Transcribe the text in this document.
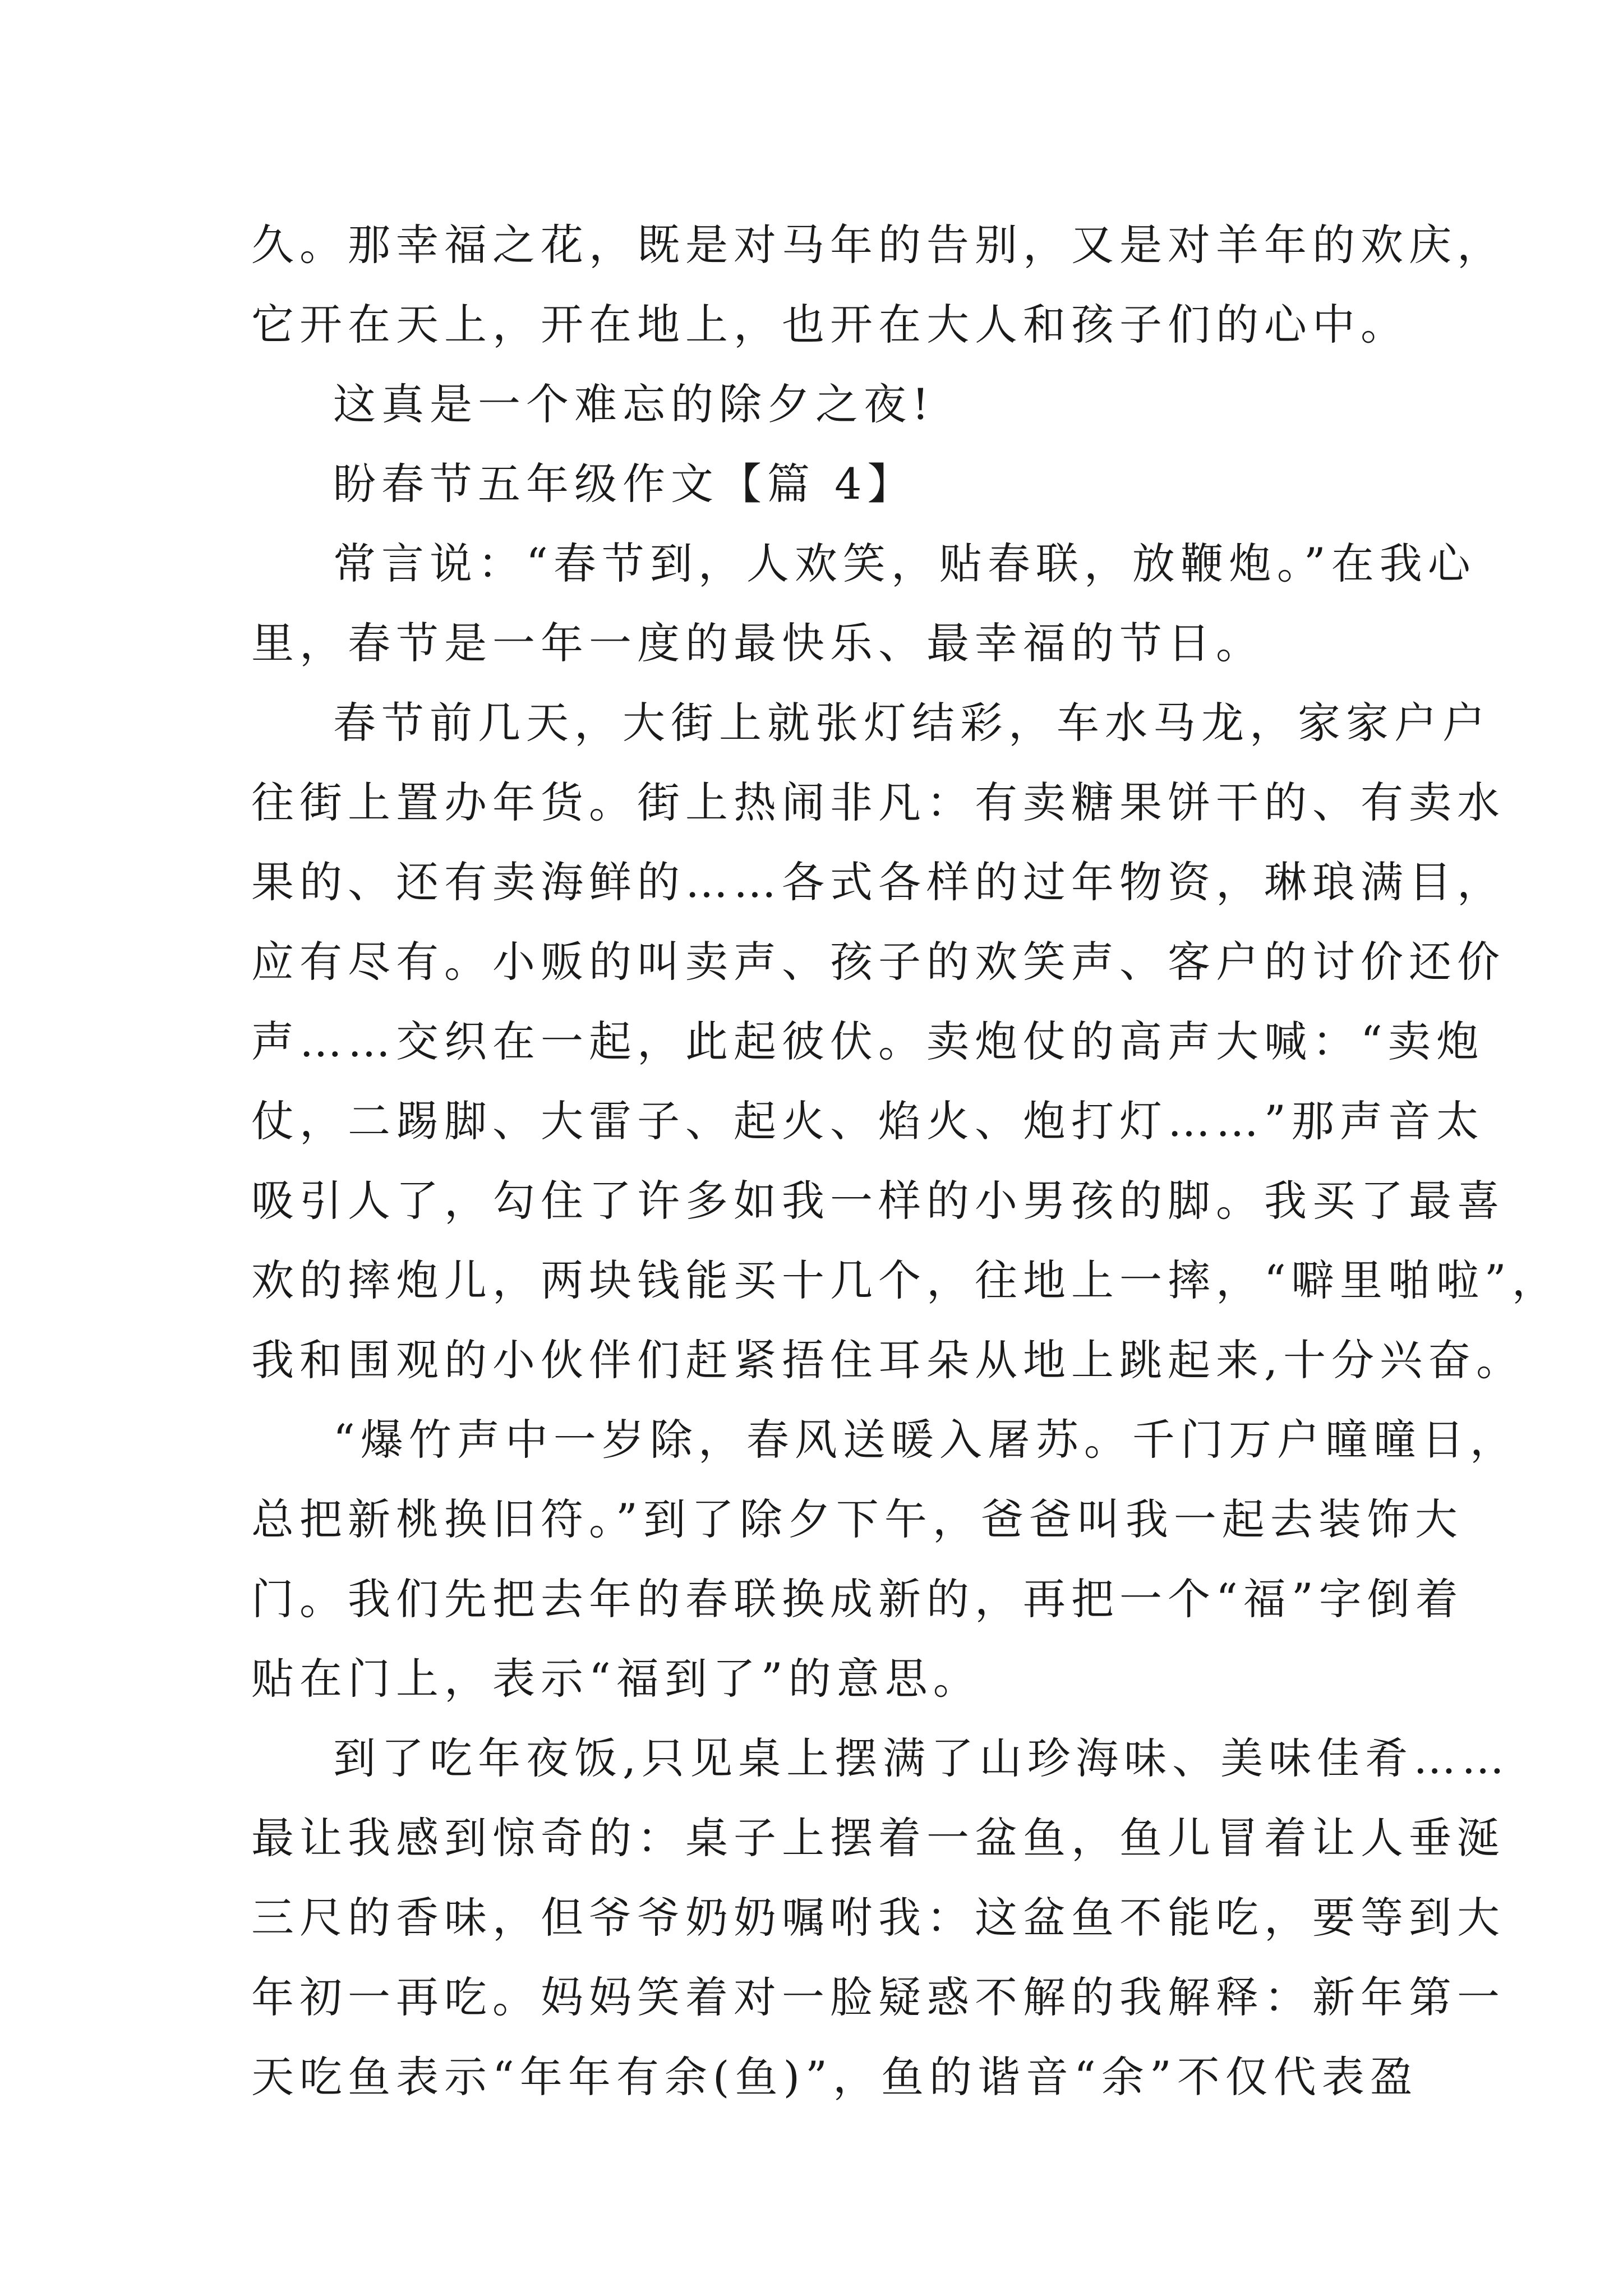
久。那幸福之花，既是对马年的告别，又是对羊年的欢庆，
它开在天上，开在地上，也开在大人和孩子们的心中。
这真是一个难忘的除夕之夜!
盼春节五年级作文【篇 4】
常言说：“春节到，人欢笑，贴春联，放鞭炮。”在我心
里，春节是一年一度的最快乐、最幸福的节日。
春节前几天，大街上就张灯结彩，车水马龙，家家户户
往街上置办年货。街上热闹非凡：有卖糖果饼干的、有卖水
果的、还有卖海鲜的……各式各样的过年物资，琳琅满目，
应有尽有。小贩的叫卖声、孩子的欢笑声、客户的讨价还价
声……交织在一起，此起彼伏。卖炮仗的高声大喊：“卖炮
仗，二踢脚、大雷子、起火、焰火、炮打灯……”那声音太
吸引人了，勾住了许多如我一样的小男孩的脚。我买了最喜
欢的摔炮儿，两块钱能买十几个，往地上一摔，“噼里啪啦”，
我和围观的小伙伴们赶紧捂住耳朵从地上跳起来,十分兴奋。
“爆竹声中一岁除，春风送暖入屠苏。千门万户曈曈日，
总把新桃换旧符。”到了除夕下午，爸爸叫我一起去装饰大
门。我们先把去年的春联换成新的，再把一个“福”字倒着
贴在门上，表示“福到了”的意思。
到了吃年夜饭,只见桌上摆满了山珍海味、美味佳肴……
最让我感到惊奇的：桌子上摆着一盆鱼，鱼儿冒着让人垂涎
三尺的香味，但爷爷奶奶嘱咐我：这盆鱼不能吃，要等到大
年初一再吃。妈妈笑着对一脸疑惑不解的我解释：新年第一
天吃鱼表示“年年有余(鱼)”，鱼的谐音“余”不仅代表盈
